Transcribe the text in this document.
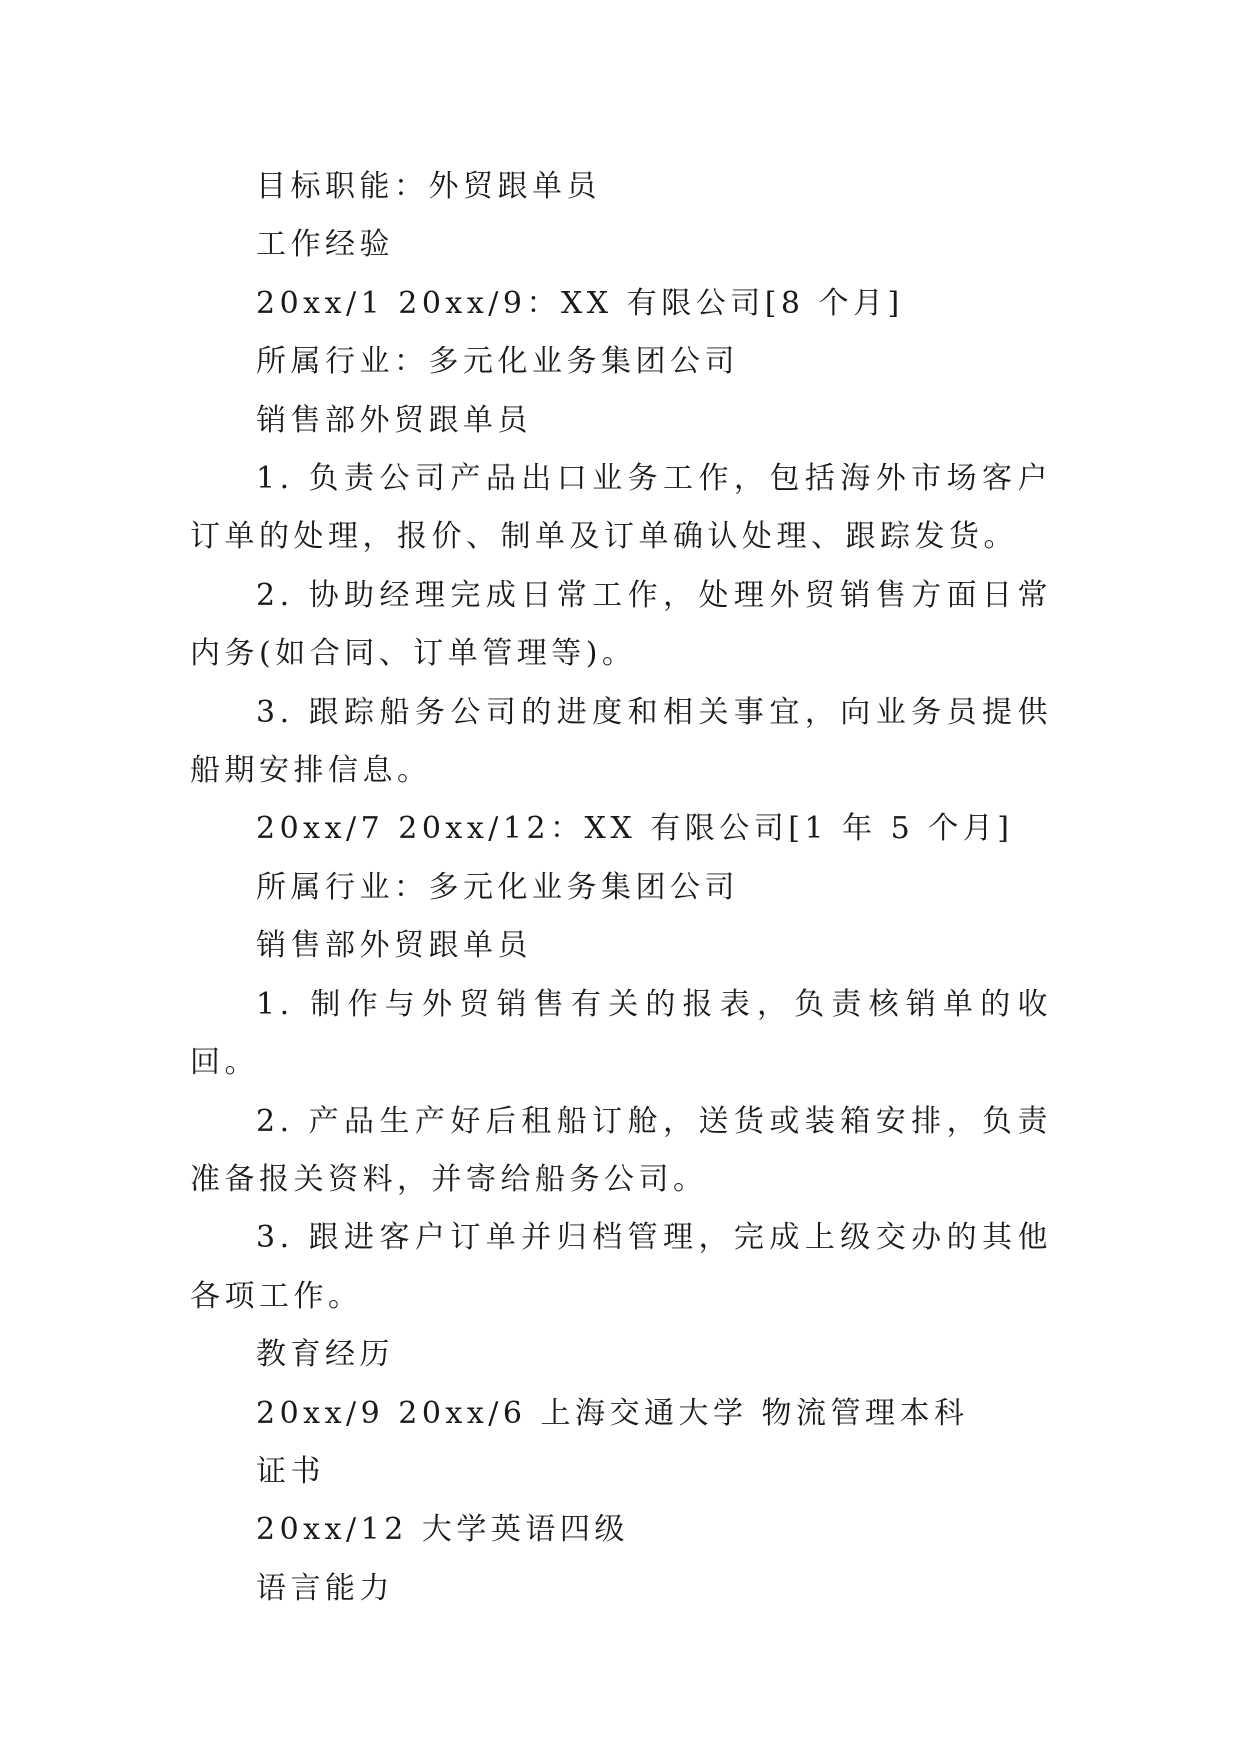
目标职能：外贸跟单员

工作经验

20xx/1 20xx/9：XX 有限公司[8 个月]

所属行业：多元化业务集团公司

销售部外贸跟单员

1. 负责公司产品出口业务工作，包括海外市场客户订单的处理，报价、制单及订单确认处理、跟踪发货。

2. 协助经理完成日常工作，处理外贸销售方面日常内务(如合同、订单管理等)。

3. 跟踪船务公司的进度和相关事宜，向业务员提供船期安排信息。

20xx/7 20xx/12：XX 有限公司[1 年 5 个月]

所属行业：多元化业务集团公司

销售部外贸跟单员

1. 制作与外贸销售有关的报表，负责核销单的收回。

2. 产品生产好后租船订舱，送货或装箱安排，负责准备报关资料，并寄给船务公司。

3. 跟进客户订单并归档管理，完成上级交办的其他各项工作。

教育经历

20xx/9 20xx/6 上海交通大学 物流管理本科

证书

20xx/12 大学英语四级

语言能力
